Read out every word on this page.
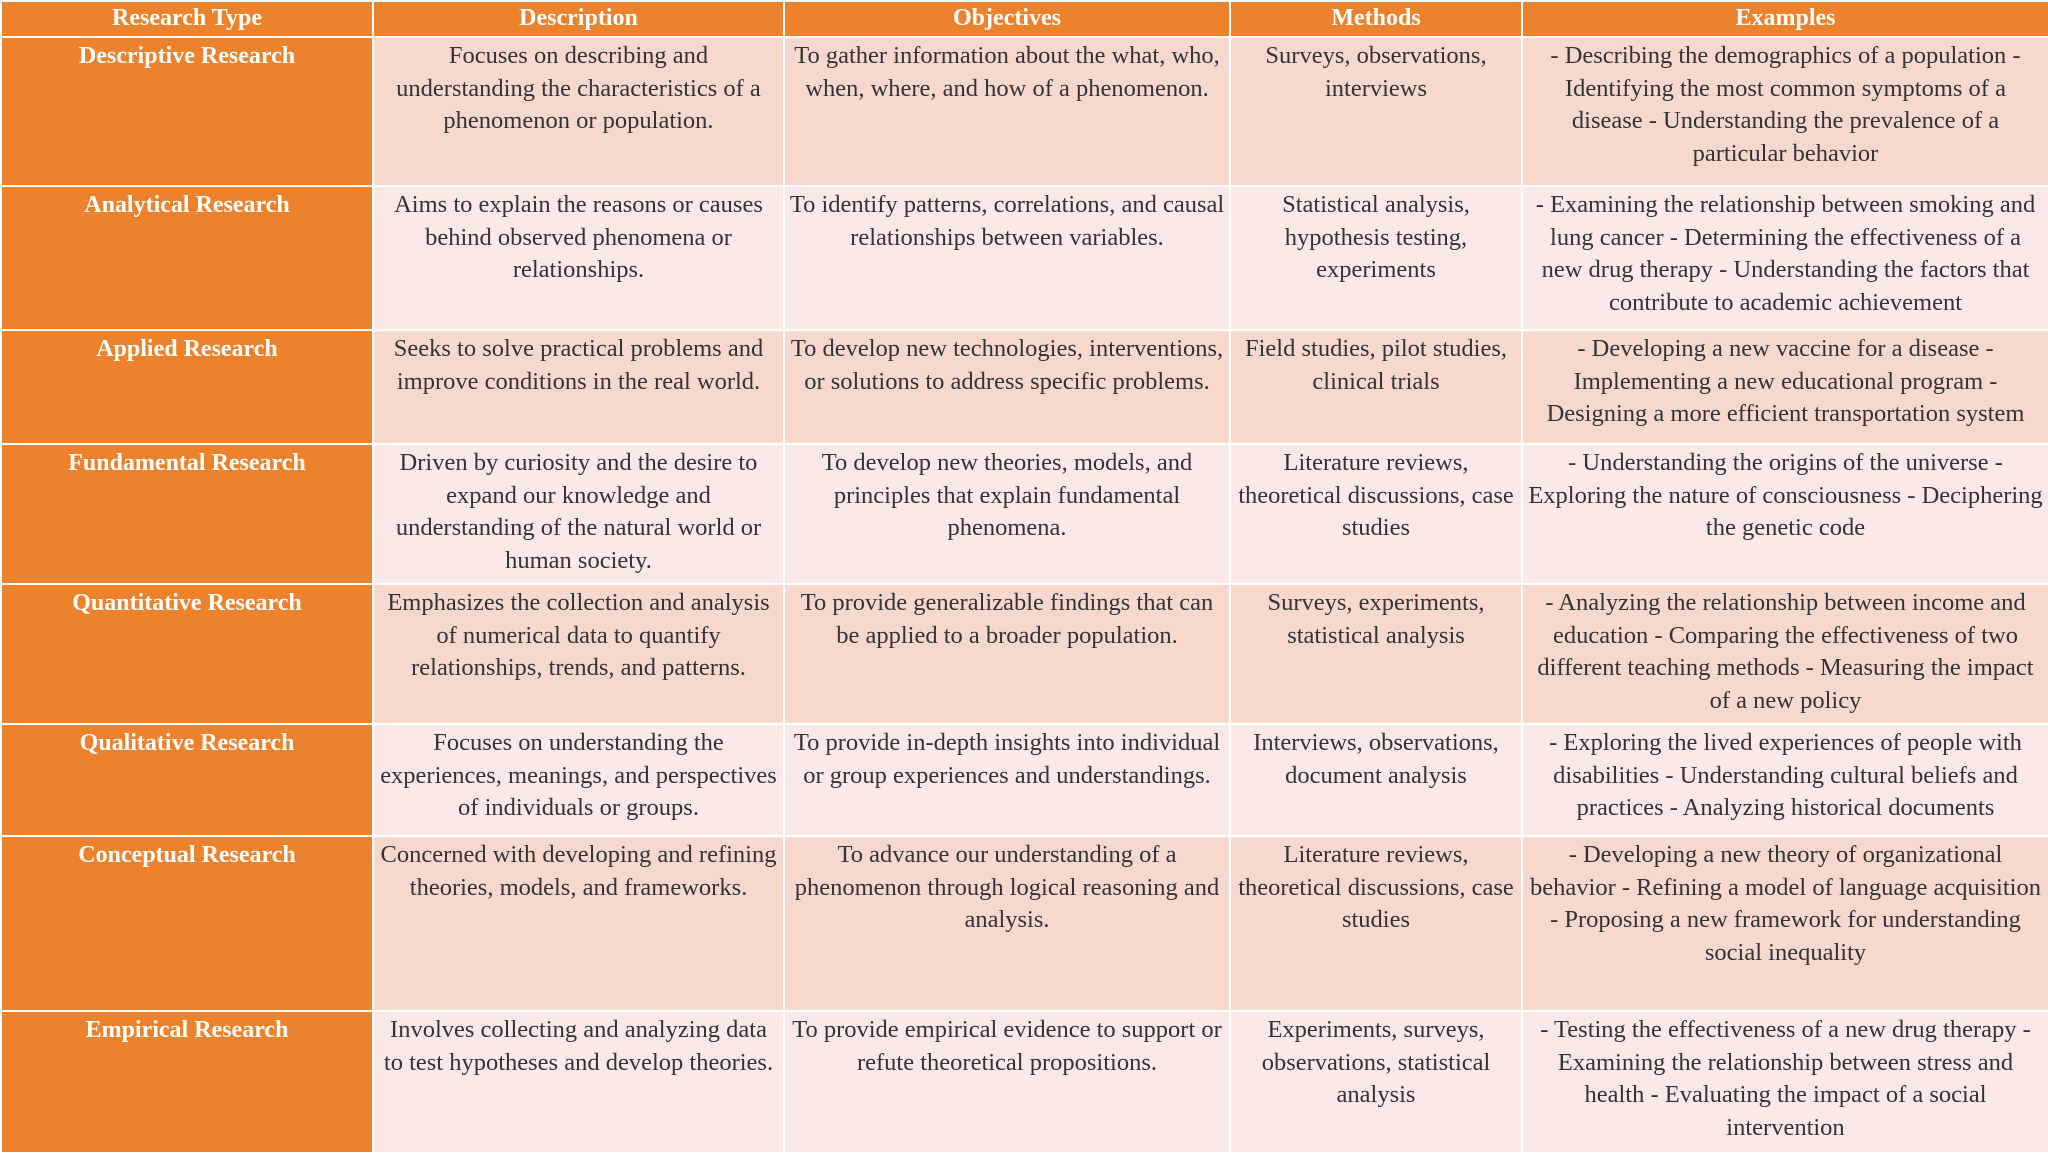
Research Type	Description	Objectives	Methods	Examples
Descriptive Research	Focuses on describing and understanding the characteristics of a phenomenon or population.	To gather information about the what, who, when, where, and how of a phenomenon.	Surveys, observations, interviews	- Describing the demographics of a population - Identifying the most common symptoms of a disease - Understanding the prevalence of a particular behavior
Analytical Research	Aims to explain the reasons or causes behind observed phenomena or relationships.	To identify patterns, correlations, and causal relationships between variables.	Statistical analysis, hypothesis testing, experiments	- Examining the relationship between smoking and lung cancer - Determining the effectiveness of a new drug therapy - Understanding the factors that contribute to academic achievement
Applied Research	Seeks to solve practical problems and improve conditions in the real world.	To develop new technologies, interventions, or solutions to address specific problems.	Field studies, pilot studies, clinical trials	- Developing a new vaccine for a disease - Implementing a new educational program - Designing a more efficient transportation system
Fundamental Research	Driven by curiosity and the desire to expand our knowledge and understanding of the natural world or human society.	To develop new theories, models, and principles that explain fundamental phenomena.	Literature reviews, theoretical discussions, case studies	- Understanding the origins of the universe - Exploring the nature of consciousness - Deciphering the genetic code
Quantitative Research	Emphasizes the collection and analysis of numerical data to quantify relationships, trends, and patterns.	To provide generalizable findings that can be applied to a broader population.	Surveys, experiments, statistical analysis	- Analyzing the relationship between income and education - Comparing the effectiveness of two different teaching methods - Measuring the impact of a new policy
Qualitative Research	Focuses on understanding the experiences, meanings, and perspectives of individuals or groups.	To provide in-depth insights into individual or group experiences and understandings.	Interviews, observations, document analysis	- Exploring the lived experiences of people with disabilities - Understanding cultural beliefs and practices - Analyzing historical documents
Conceptual Research	Concerned with developing and refining theories, models, and frameworks.	To advance our understanding of a phenomenon through logical reasoning and analysis.	Literature reviews, theoretical discussions, case studies	- Developing a new theory of organizational behavior - Refining a model of language acquisition - Proposing a new framework for understanding social inequality
Empirical Research	Involves collecting and analyzing data to test hypotheses and develop theories.	To provide empirical evidence to support or refute theoretical propositions.	Experiments, surveys, observations, statistical analysis	- Testing the effectiveness of a new drug therapy - Examining the relationship between stress and health - Evaluating the impact of a social intervention
